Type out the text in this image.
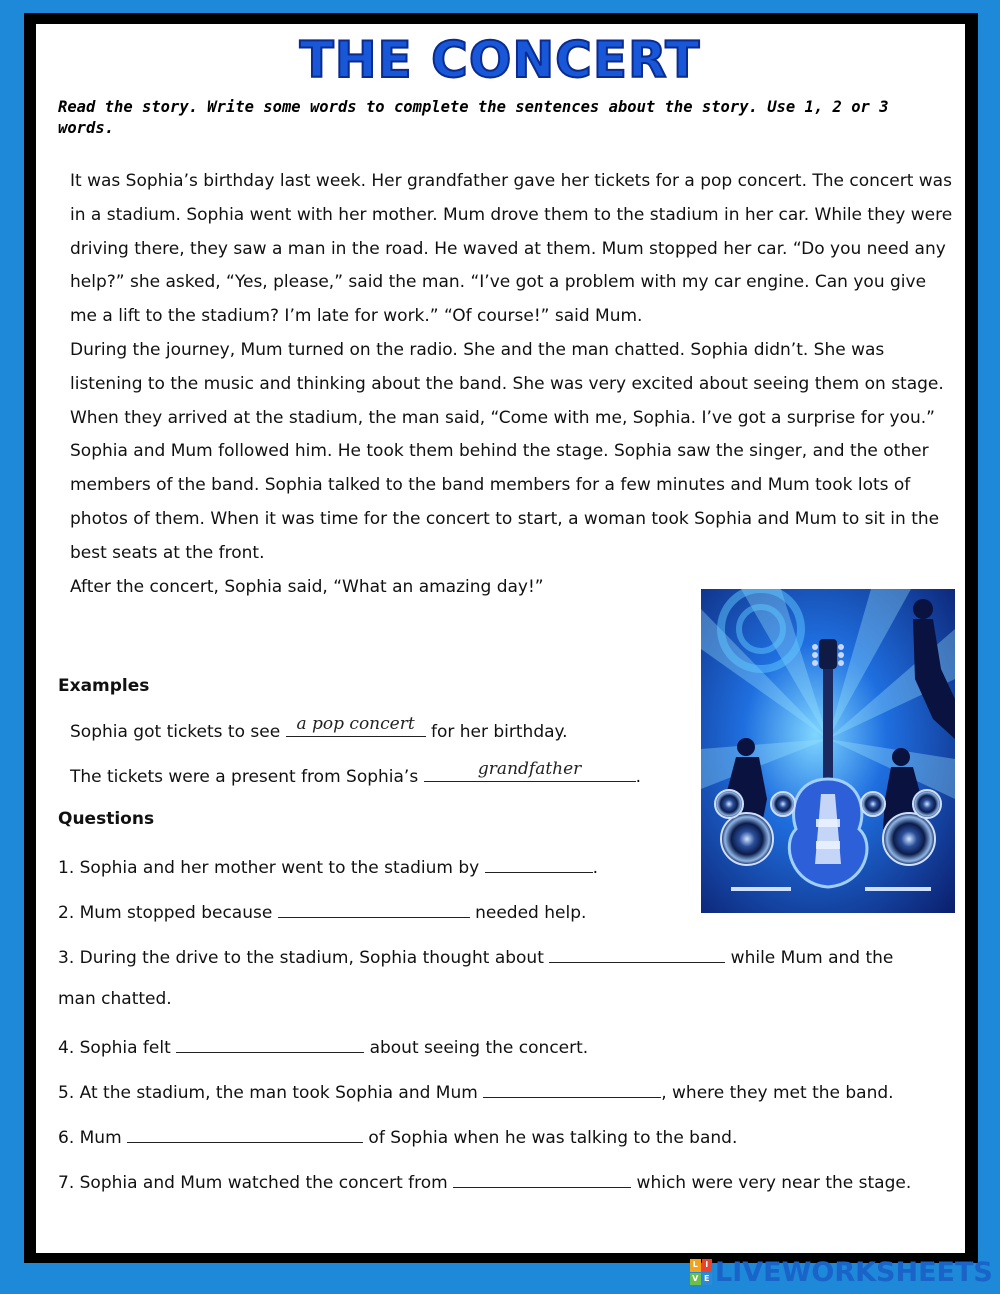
THE CONCERT
Read the story. Write some words to complete the sentences about the story. Use 1, 2 or 3 words.

It was Sophia’s birthday last week. Her grandfather gave her tickets for a pop concert. The concert was in a stadium. Sophia went with her mother. Mum drove them to the stadium in her car. While they were driving there, they saw a man in the road. He waved at them. Mum stopped her car. “Do you need any help?” she asked, “Yes, please,” said the man. “I’ve got a problem with my car engine. Can you give me a lift to the stadium? I’m late for work.” “Of course!” said Mum.

During the journey, Mum turned on the radio. She and the man chatted. Sophia didn’t. She was listening to the music and thinking about the band. She was very excited about seeing them on stage.

When they arrived at the stadium, the man said, “Come with me, Sophia. I’ve got a surprise for you.” Sophia and Mum followed him. He took them behind the stage. Sophia saw the singer, and the other members of the band. Sophia talked to the band members for a few minutes and Mum took lots of photos of them. When it was time for the concert to start, a woman took Sophia and Mum to sit in the best seats at the front.

After the concert, Sophia said, “What an amazing day!”

Examples
Sophia got tickets to see a pop concert for her birthday.
The tickets were a present from Sophia’s	grandfather	.
Questions
1. Sophia and her mother went to the stadium by	.
2. Mum stopped because	needed help.
3. During the drive to the stadium, Sophia thought about	while Mum and the
man chatted.
4. Sophia felt	about seeing the concert.
5. At the stadium, the man took Sophia and Mum	, where they met the band.
6. Mum	of Sophia when he was talking to the band.
7. Sophia and Mum watched the concert from	which were very near the stage.
L I
V E LIVEWORKSHEETS
